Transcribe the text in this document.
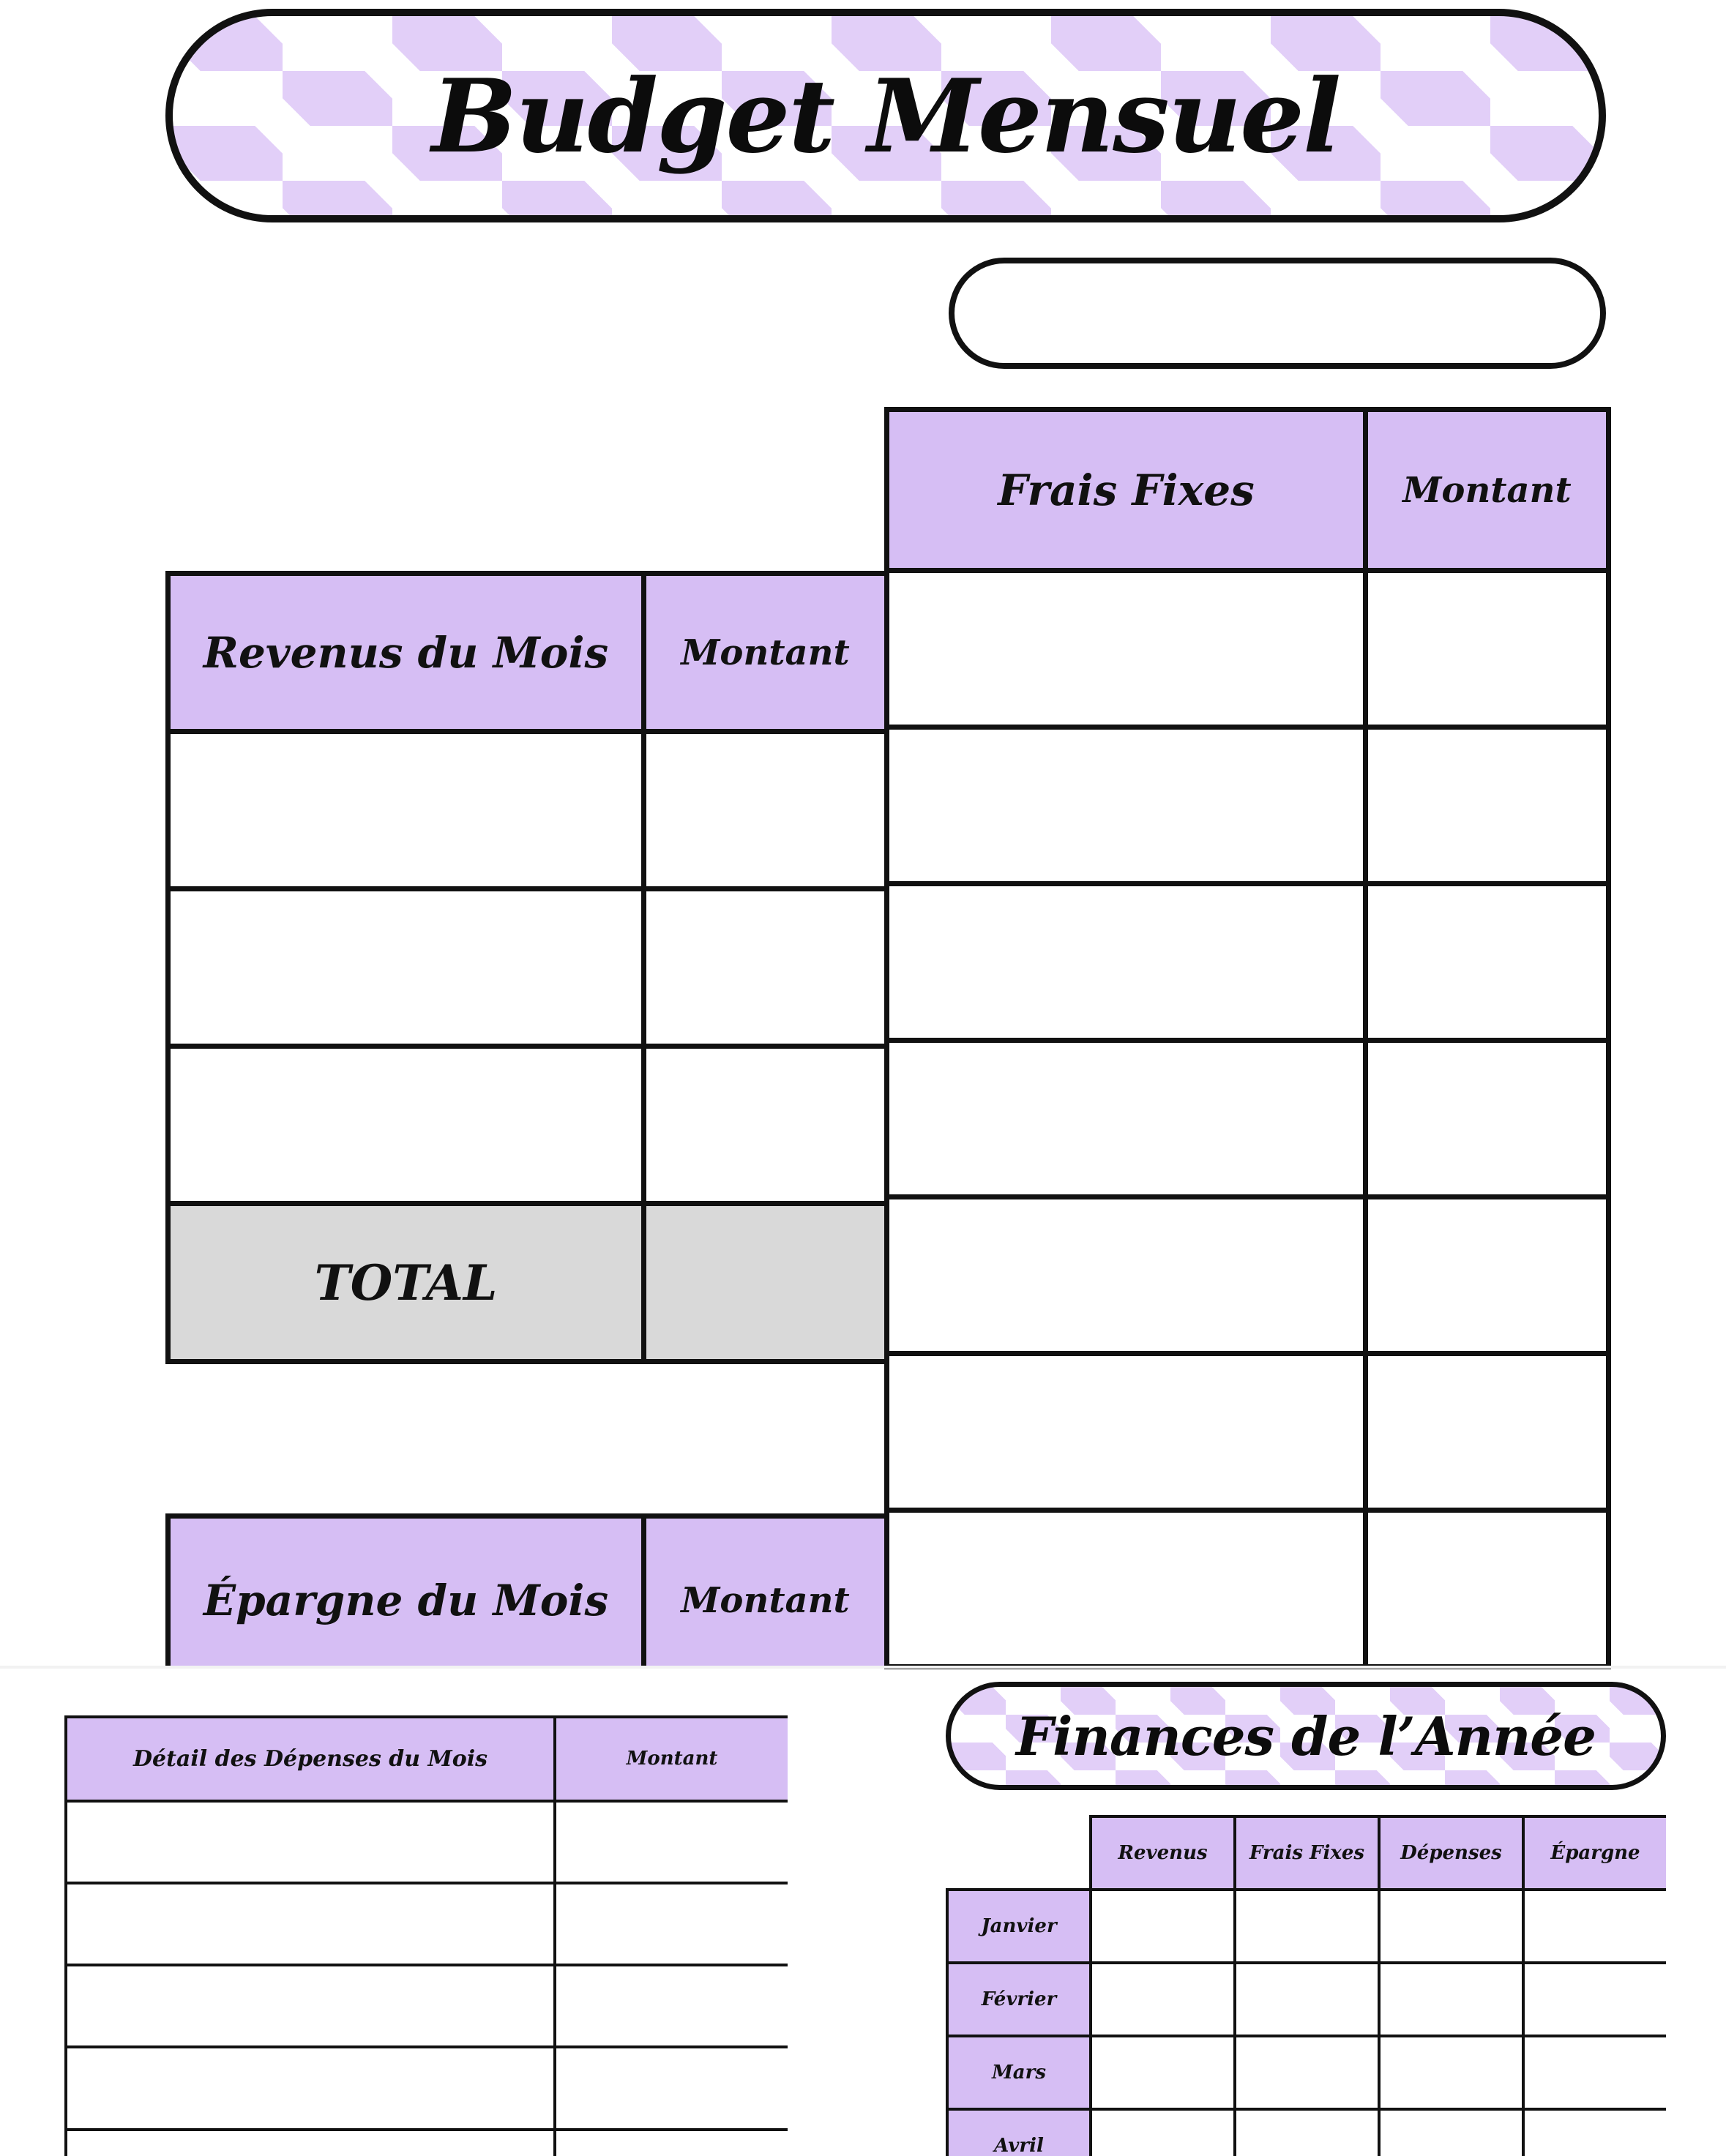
Budget Mensuel
Frais Fixes	Montant

Revenus du Mois	Montant

TOTAL	
Épargne du Mois	Montant
Détail des Dépenses du Mois	Montant

		Finances de l’Année
	Revenus	Frais Fixes	Dépenses	Épargne
Janvier				
Février				
Mars				
Avril				
